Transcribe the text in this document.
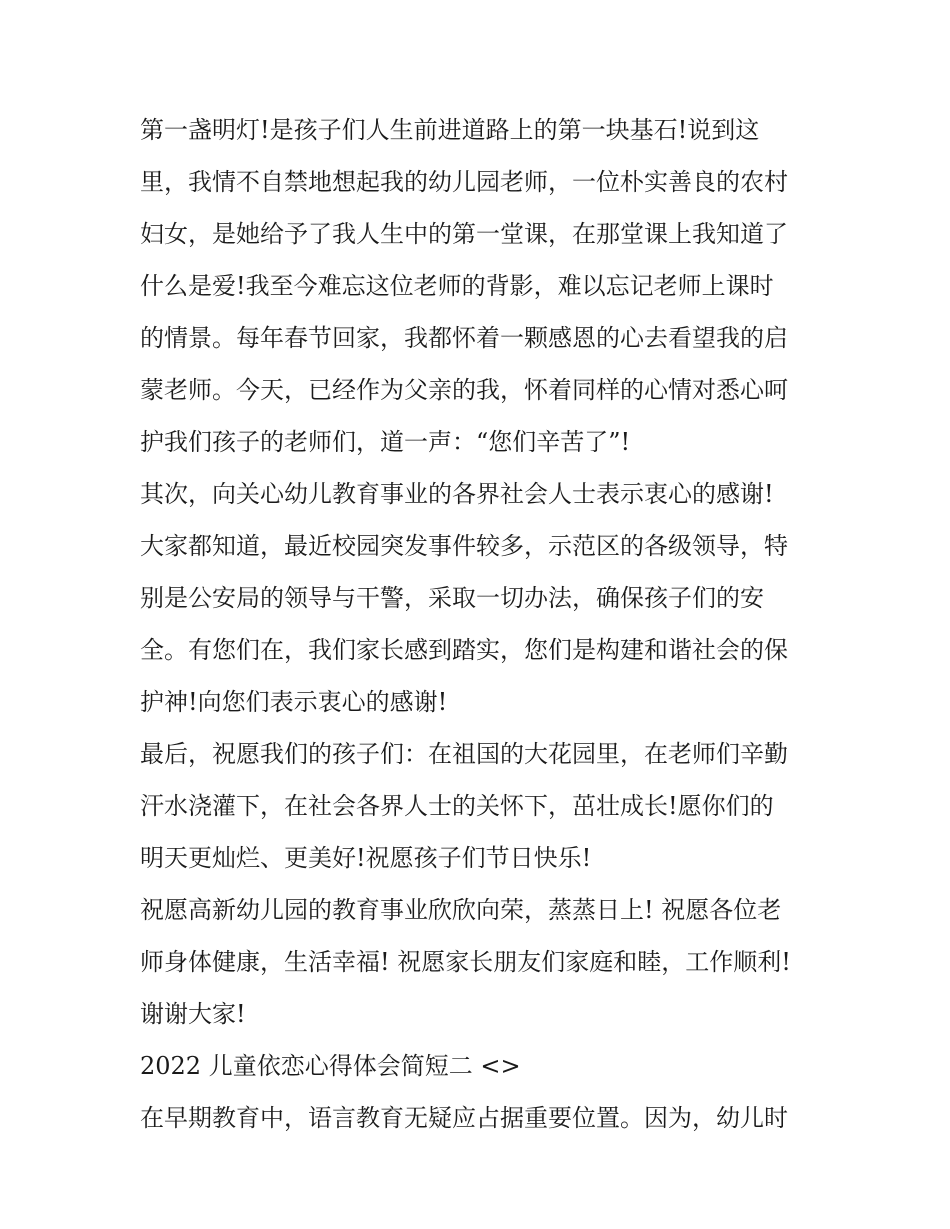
第一盏明灯!是孩子们人生前进道路上的第一块基石!说到这
里，我情不自禁地想起我的幼儿园老师，一位朴实善良的农村
妇女，是她给予了我人生中的第一堂课，在那堂课上我知道了
什么是爱!我至今难忘这位老师的背影，难以忘记老师上课时
的情景。每年春节回家，我都怀着一颗感恩的心去看望我的启
蒙老师。今天，已经作为父亲的我，怀着同样的心情对悉心呵
护我们孩子的老师们，道一声：“您们辛苦了”!
其次，向关心幼儿教育事业的各界社会人士表示衷心的感谢!
大家都知道，最近校园突发事件较多，示范区的各级领导，特
别是公安局的领导与干警，采取一切办法，确保孩子们的安
全。有您们在，我们家长感到踏实，您们是构建和谐社会的保
护神!向您们表示衷心的感谢!
最后，祝愿我们的孩子们：在祖国的大花园里，在老师们辛勤
汗水浇灌下，在社会各界人士的关怀下，茁壮成长!愿你们的
明天更灿烂、更美好!祝愿孩子们节日快乐!
祝愿高新幼儿园的教育事业欣欣向荣，蒸蒸日上! 祝愿各位老
师身体健康，生活幸福! 祝愿家长朋友们家庭和睦，工作顺利!
谢谢大家!
2022 儿童依恋心得体会简短二 <>
在早期教育中，语言教育无疑应占据重要位置。因为，幼儿时
